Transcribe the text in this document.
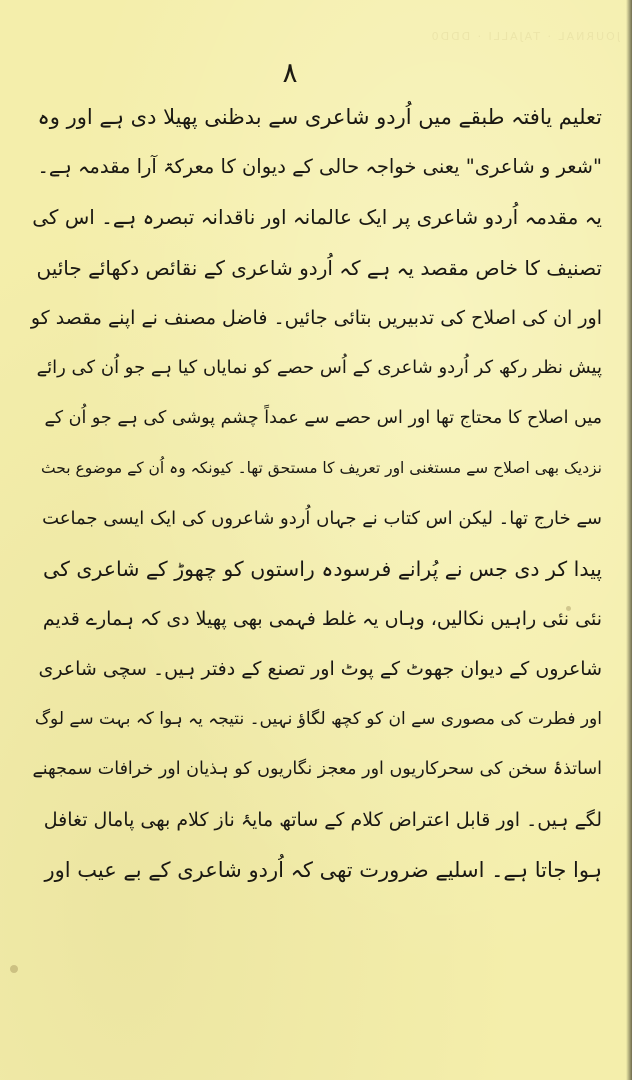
JOURNAL · TAJALLI · DDD0
۸
تعلیم یافتہ طبقے میں اُردو شاعری سے بدظنی پھیلا دی ہے اور وہ
"شعر و شاعری" یعنی خواجہ حالی کے دیوان کا معرکۃ آرا مقدمہ ہے۔
یہ مقدمہ اُردو شاعری پر ایک عالمانہ اور ناقدانہ تبصرہ ہے۔ اس کی
تصنیف کا خاص مقصد یہ ہے کہ اُردو شاعری کے نقائص دکھائے جائیں
اور ان کی اصلاح کی تدبیریں بتائی جائیں۔ فاضل مصنف نے اپنے مقصد کو
پیش نظر رکھ کر اُردو شاعری کے اُس حصے کو نمایاں کیا ہے جو اُن کی رائے
میں اصلاح کا محتاج تھا اور اس حصے سے عمداً چشم پوشی کی ہے جو اُن کے
نزدیک بھی اصلاح سے مستغنی اور تعریف کا مستحق تھا۔ کیونکہ وہ اُن کے موضوع بحث
سے خارج تھا۔ لیکن اس کتاب نے جہاں اُردو شاعروں کی ایک ایسی جماعت
پیدا کر دی جس نے پُرانے فرسودہ راستوں کو چھوڑ کے شاعری کی
نئی نئی راہیں نکالیں، وہاں یہ غلط فہمی بھی پھیلا دی کہ ہمارے قدیم
شاعروں کے دیوان جھوٹ کے پوٹ اور تصنع کے دفتر ہیں۔ سچی شاعری
اور فطرت کی مصوری سے ان کو کچھ لگاؤ نہیں۔ نتیجہ یہ ہوا کہ بہت سے لوگ
اساتذۂ سخن کی سحرکاریوں اور معجز نگاریوں کو ہذیان اور خرافات سمجھنے
لگے ہیں۔ اور قابل اعتراض کلام کے ساتھ مایۂ ناز کلام بھی پامال تغافل
ہوا جاتا ہے۔ اسلیے ضرورت تھی کہ اُردو شاعری کے بے عیب اور
